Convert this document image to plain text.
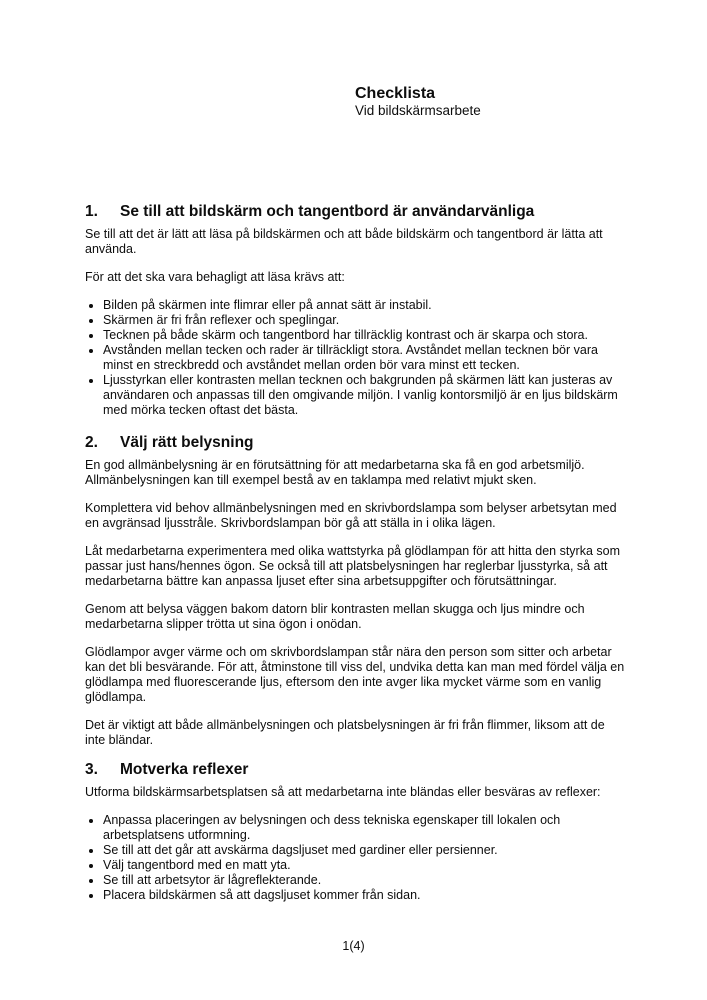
Checklista
Vid bildskärmsarbete
1.	Se till att bildskärm och tangentbord är användarvänliga

Se till att det är lätt att läsa på bildskärmen och att både bildskärm och tangentbord är lätta att använda.

För att det ska vara behagligt att läsa krävs att:

• Bilden på skärmen inte flimrar eller på annat sätt är instabil.
• Skärmen är fri från reflexer och speglingar.
• Tecknen på både skärm och tangentbord har tillräcklig kontrast och är skarpa och stora.
• Avstånden mellan tecken och rader är tillräckligt stora. Avståndet mellan tecknen bör vara minst en streckbredd och avståndet mellan orden bör vara minst ett tecken.
• Ljusstyrkan eller kontrasten mellan tecknen och bakgrunden på skärmen lätt kan justeras av användaren och anpassas till den omgivande miljön. I vanlig kontorsmiljö är en ljus bildskärm med mörka tecken oftast det bästa.
2.	Välj rätt belysning

En god allmänbelysning är en förutsättning för att medarbetarna ska få en god arbetsmiljö. Allmänbelysningen kan till exempel bestå av en taklampa med relativt mjukt sken.

Komplettera vid behov allmänbelysningen med en skrivbordslampa som belyser arbetsytan med en avgränsad ljusstråle. Skrivbordslampan bör gå att ställa in i olika lägen.

Låt medarbetarna experimentera med olika wattstyrka på glödlampan för att hitta den styrka som passar just hans/hennes ögon. Se också till att platsbelysningen har reglerbar ljusstyrka, så att medarbetarna bättre kan anpassa ljuset efter sina arbetsuppgifter och förutsättningar.

Genom att belysa väggen bakom datorn blir kontrasten mellan skugga och ljus mindre och medarbetarna slipper trötta ut sina ögon i onödan.

Glödlampor avger värme och om skrivbordslampan står nära den person som sitter och arbetar kan det bli besvärande. För att, åtminstone till viss del, undvika detta kan man med fördel välja en glödlampa med fluorescerande ljus, eftersom den inte avger lika mycket värme som en vanlig glödlampa.

Det är viktigt att både allmänbelysningen och platsbelysningen är fri från flimmer, liksom att de inte bländar.

3.	Motverka reflexer

Utforma bildskärmsarbetsplatsen så att medarbetarna inte bländas eller besväras av reflexer:

• Anpassa placeringen av belysningen och dess tekniska egenskaper till lokalen och arbetsplatsens utformning.
• Se till att det går att avskärma dagsljuset med gardiner eller persienner.
• Välj tangentbord med en matt yta.
• Se till att arbetsytor är lågreflekterande.
• Placera bildskärmen så att dagsljuset kommer från sidan.
1(4)
